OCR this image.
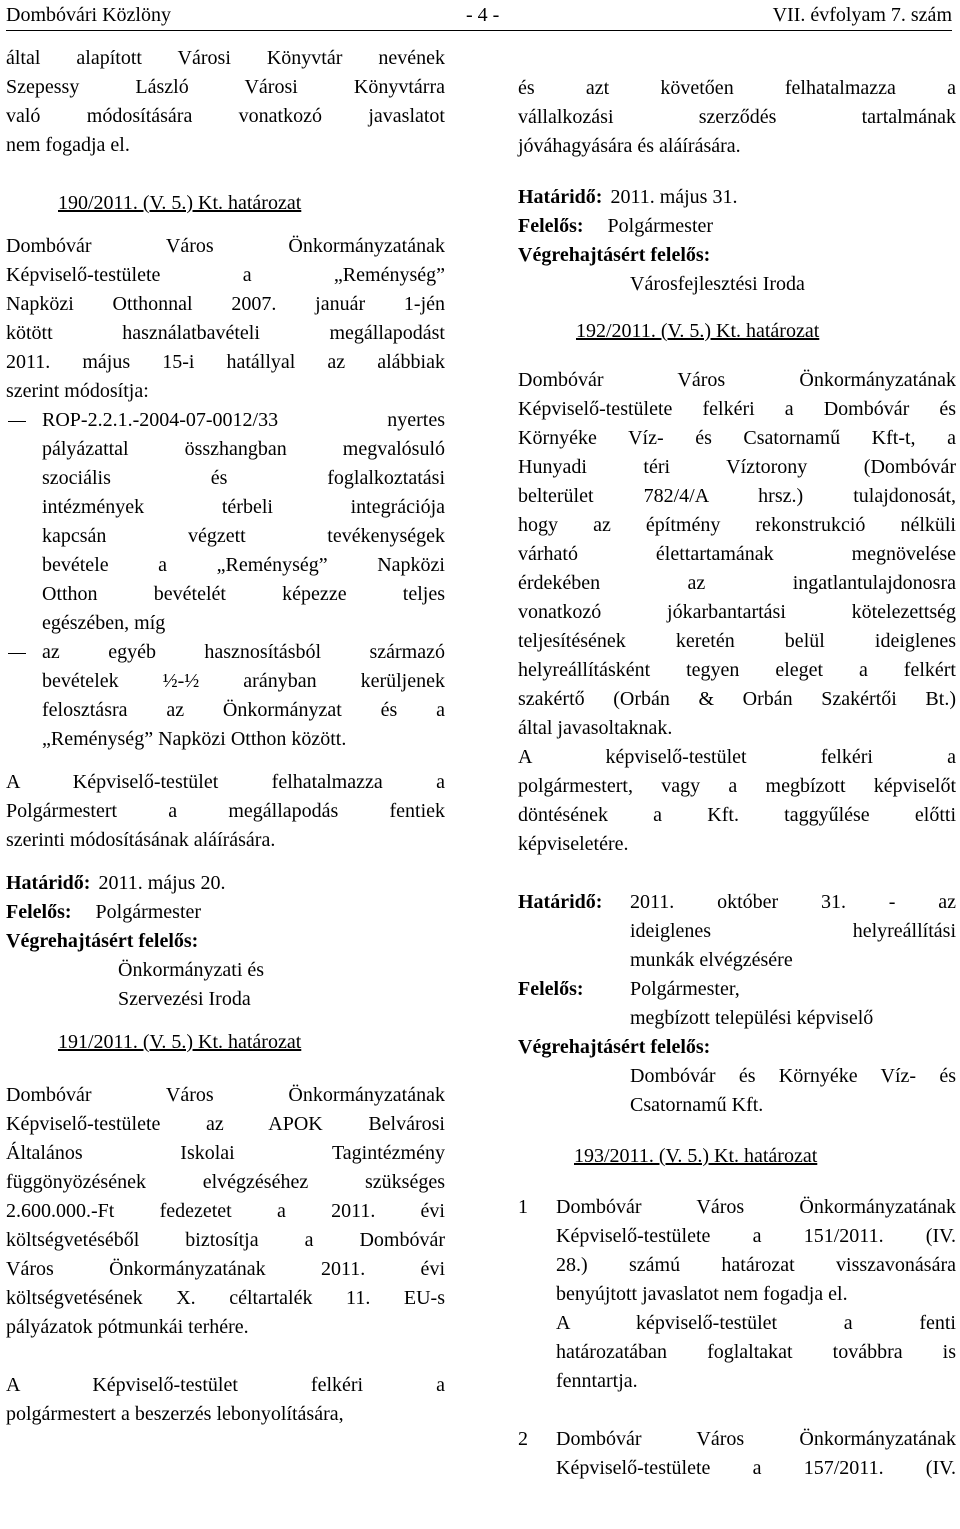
Dombóvári Közlöny	- 4 -	VII. évfolyam 7. szám
által alapított Városi Könyvtár nevének
Szepessy László Városi Könyvtárra
való módosítására vonatkozó javaslatot
nem fogadja el.
190/2011. (V. 5.) Kt. határozat
Dombóvár Város Önkormányzatának
Képviselő-testülete a „Reménység”
Napközi Otthonnal 2007. január 1-jén
kötött használatbavételi megállapodást
2011. május 15-i hatállyal az alábbiak
szerint módosítja:
ROP-2.2.1.-2004-07-0012/33 nyertes
pályázattal összhangban megvalósuló
szociális és foglalkoztatási
intézmények térbeli integrációja
kapcsán végzett tevékenységek
bevétele a „Reménység” Napközi
Otthon bevételét képezze teljes
egészében, míg
az egyéb hasznosításból származó
bevételek ½-½ arányban kerüljenek
felosztásra az Önkormányzat és a
„Reménység” Napközi Otthon között.
A Képviselő-testület felhatalmazza a
Polgármestert a megállapodás fentiek
szerinti módosításának aláírására.
Határidő: 2011. május 20.
Felelős:	Polgármester
Végrehajtásért felelős:
Önkormányzati és Szervezési Iroda
191/2011. (V. 5.) Kt. határozat
Dombóvár Város Önkormányzatának
Képviselő-testülete az APOK Belvárosi
Általános Iskolai Tagintézmény
függönyözésének elvégzéséhez szükséges
2.600.000.-Ft fedezetet a 2011. évi
költségvetéséből biztosítja a Dombóvár
Város Önkormányzatának 2011. évi
költségvetésének X. céltartalék 11. EU-s
pályázatok pótmunkái terhére.
A Képviselő-testület felkéri a
polgármestert a beszerzés lebonyolítására,
és azt követően felhatalmazza a
vállalkozási szerződés tartalmának
jóváhagyására és aláírására.
Határidő: 2011. május 31.
Felelős:	Polgármester
Végrehajtásért felelős:
Városfejlesztési Iroda
192/2011. (V. 5.) Kt. határozat
Dombóvár Város Önkormányzatának
Képviselő-testülete felkéri a Dombóvár és
Környéke Víz- és Csatornamű Kft-t, a
Hunyadi téri Víztorony (Dombóvár
belterület 782/4/A hrsz.) tulajdonosát,
hogy az építmény rekonstrukció nélküli
várható élettartamának megnövelése
érdekében az ingatlantulajdonosra
vonatkozó jókarbantartási kötelezettség
teljesítésének keretén belül ideiglenes
helyreállításként tegyen eleget a felkért
szakértő (Orbán & Orbán Szakértői Bt.)
által javasoltaknak.
A képviselő-testület felkéri a
polgármestert, vagy a megbízott képviselőt
döntésének a Kft. taggyűlése előtti
képviseletére.
Határidő:	2011. október 31. - az
ideiglenes helyreállítási
munkák elvégzésére
Felelős:	Polgármester,
megbízott települési képviselő
Végrehajtásért felelős:
Dombóvár és Környéke Víz- és
Csatornamű Kft.
193/2011. (V. 5.) Kt. határozat
1	Dombóvár Város Önkormányzatának
Képviselő-testülete a 151/2011. (IV.
28.) számú határozat visszavonására
benyújtott javaslatot nem fogadja el.
A képviselő-testület a fenti
határozatában foglaltakat továbbra is
fenntartja.
2	Dombóvár Város Önkormányzatának
Képviselő-testülete a 157/2011. (IV.
